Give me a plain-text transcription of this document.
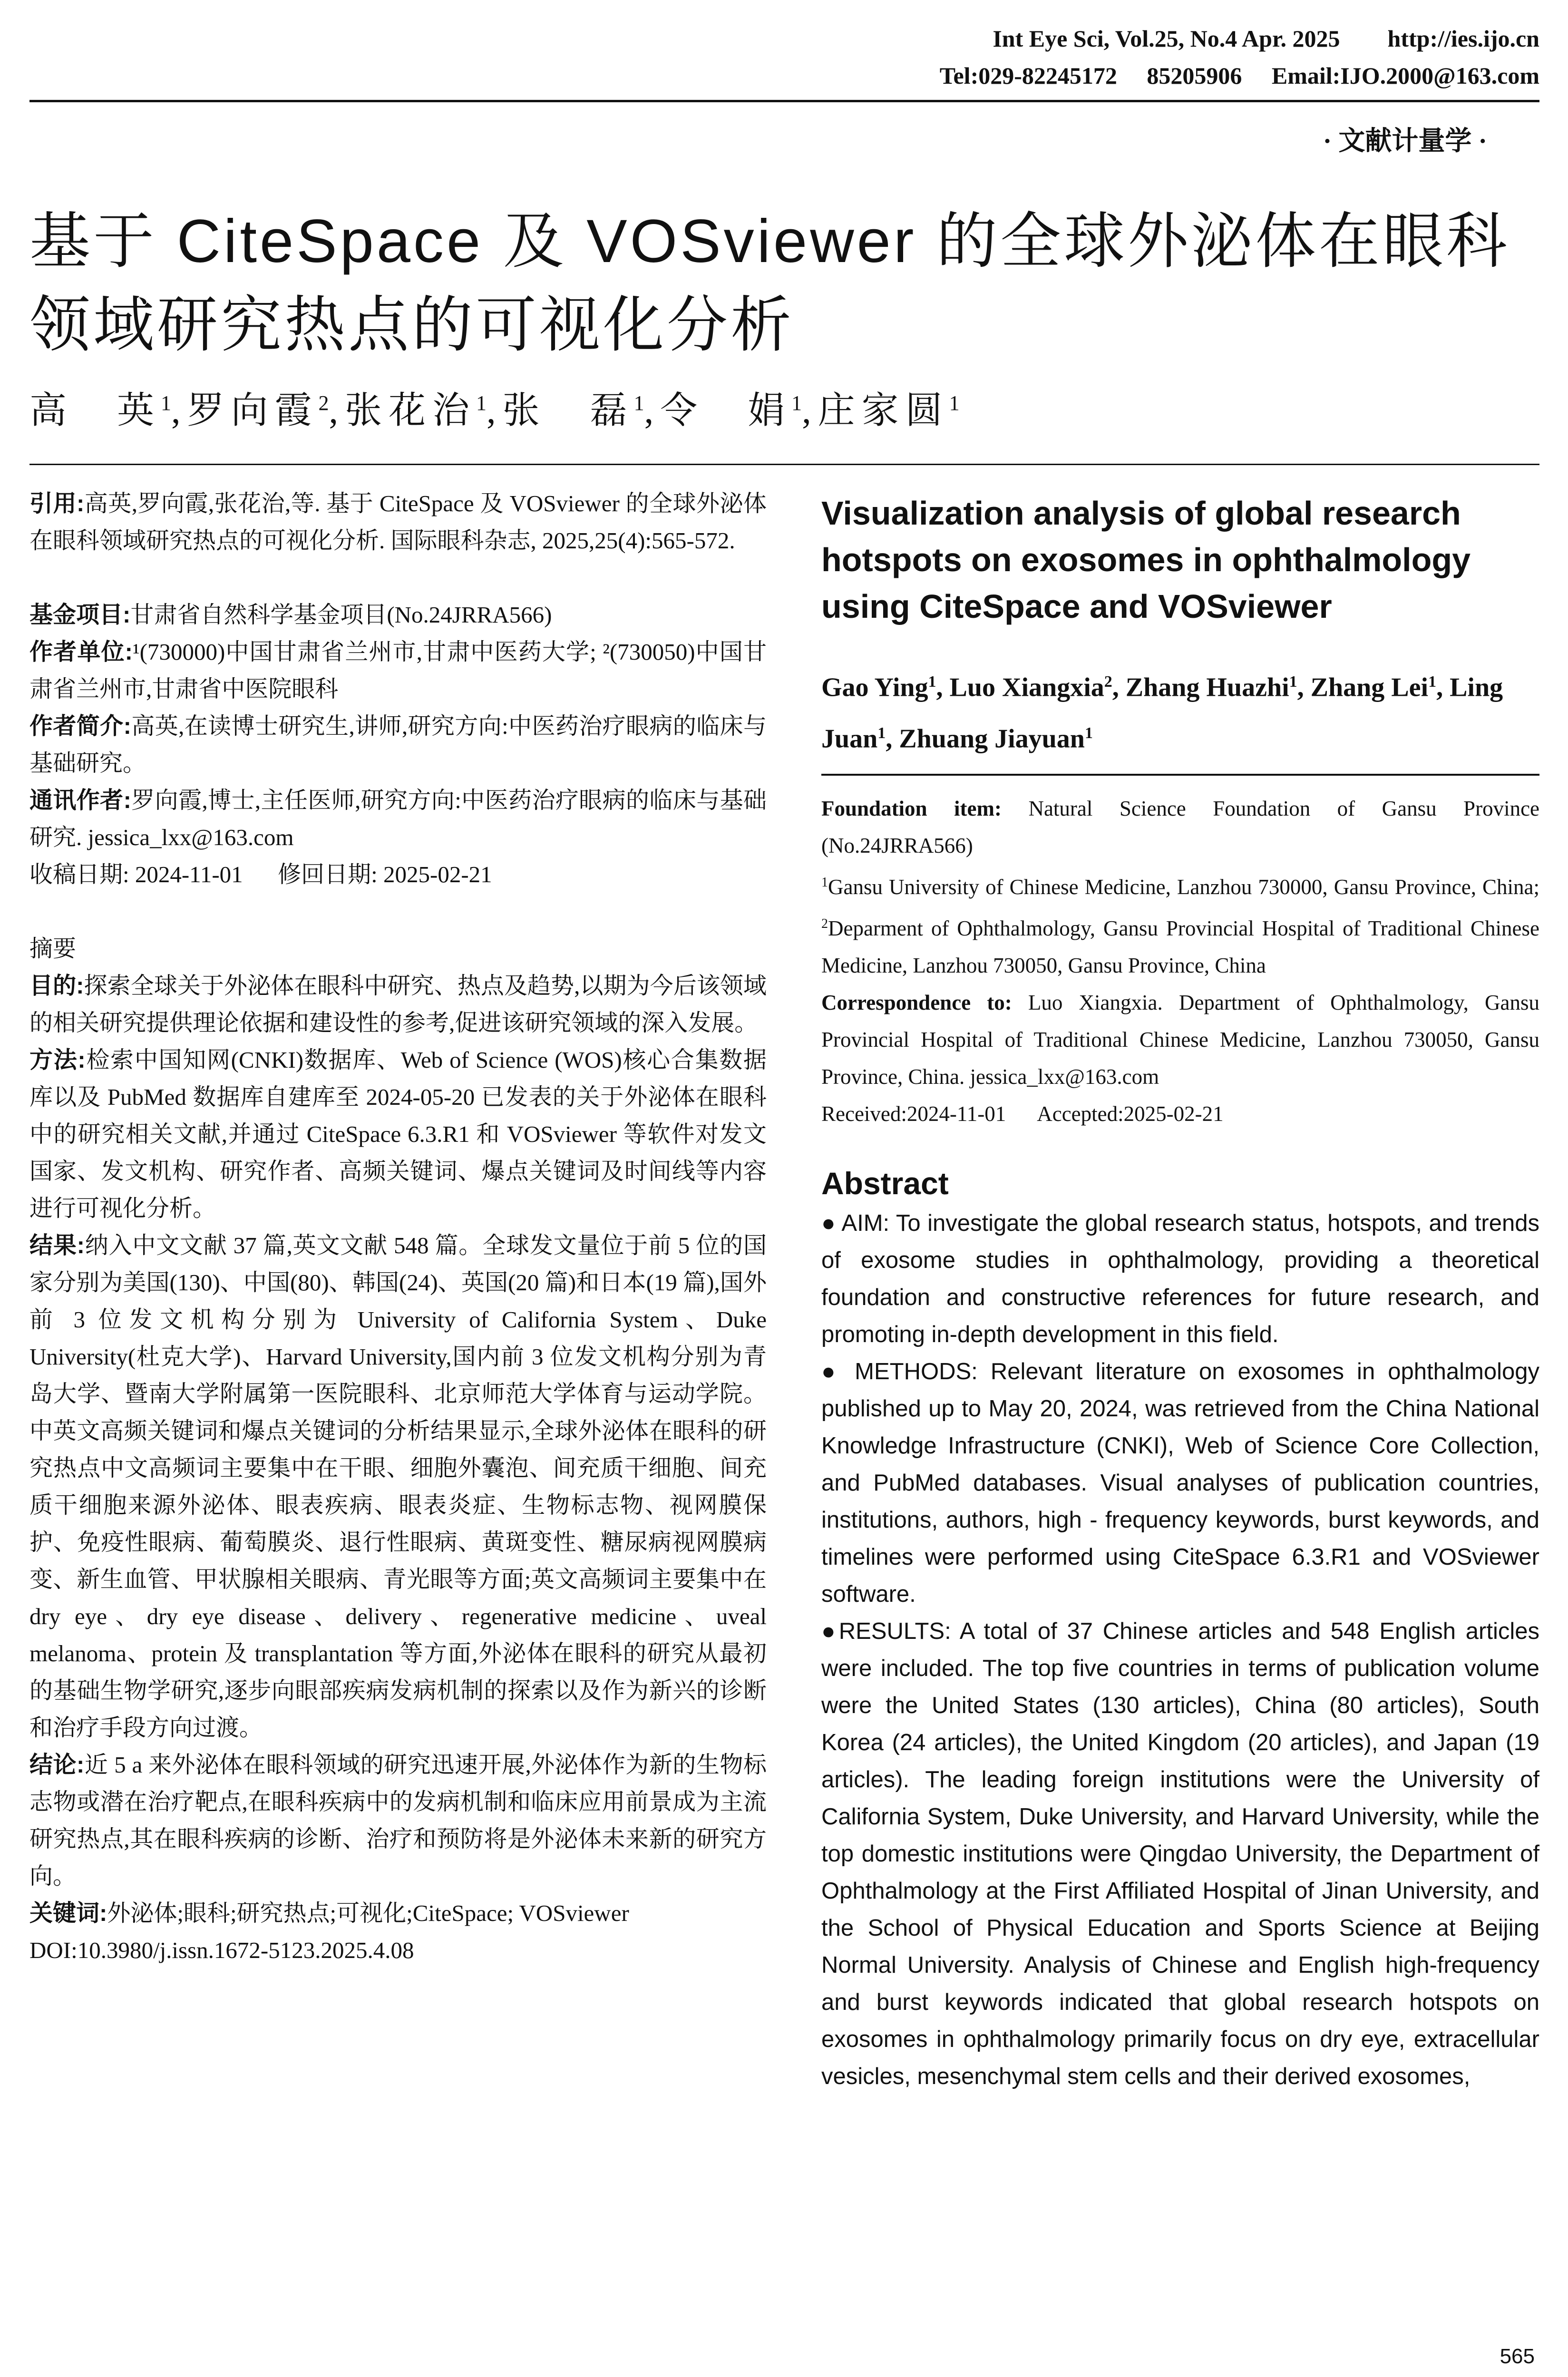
Int Eye Sci, Vol.25, No.4 Apr. 2025        http://ies.ijo.cn
Tel:029-82245172     85205906     Email:IJO.2000@163.com
· 文献计量学 ·
基于 CiteSpace 及 VOSviewer 的全球外泌体在眼科领域研究热点的可视化分析
高　英$^1$,罗向霞$^2$,张花治$^1$,张　磊$^1$,令　娟$^1$,庄家圆$^1$

引用:高英,罗向霞,张花治,等. 基于 CiteSpace 及 VOSviewer 的全球外泌体在眼科领域研究热点的可视化分析. 国际眼科杂志, 2025,25(4):565-572.

基金项目:甘肃省自然科学基金项目(No.24JRRA566)

作者单位:¹(730000)中国甘肃省兰州市,甘肃中医药大学; ²(730050)中国甘肃省兰州市,甘肃省中医院眼科

作者简介:高英,在读博士研究生,讲师,研究方向:中医药治疗眼病的临床与基础研究。

通讯作者:罗向霞,博士,主任医师,研究方向:中医药治疗眼病的临床与基础研究. jessica_lxx@163.com

收稿日期: 2024-11-01      修回日期: 2025-02-21

摘要

目的:探索全球关于外泌体在眼科中研究、热点及趋势,以期为今后该领域的相关研究提供理论依据和建设性的参考,促进该研究领域的深入发展。

方法:检索中国知网(CNKI)数据库、Web of Science (WOS)核心合集数据库以及 PubMed 数据库自建库至 2024-05-20 已发表的关于外泌体在眼科中的研究相关文献,并通过 CiteSpace 6.3.R1 和 VOSviewer 等软件对发文国家、发文机构、研究作者、高频关键词、爆点关键词及时间线等内容进行可视化分析。

结果:纳入中文文献 37 篇,英文文献 548 篇。全球发文量位于前 5 位的国家分别为美国(130)、中国(80)、韩国(24)、英国(20 篇)和日本(19 篇),国外前 3 位发文机构分别为 University of California System、Duke University(杜克大学)、Harvard University,国内前 3 位发文机构分别为青岛大学、暨南大学附属第一医院眼科、北京师范大学体育与运动学院。中英文高频关键词和爆点关键词的分析结果显示,全球外泌体在眼科的研究热点中文高频词主要集中在干眼、细胞外囊泡、间充质干细胞、间充质干细胞来源外泌体、眼表疾病、眼表炎症、生物标志物、视网膜保护、免疫性眼病、葡萄膜炎、退行性眼病、黄斑变性、糖尿病视网膜病变、新生血管、甲状腺相关眼病、青光眼等方面;英文高频词主要集中在 dry eye、dry eye disease、delivery、regenerative medicine、uveal melanoma、protein 及 transplantation 等方面,外泌体在眼科的研究从最初的基础生物学研究,逐步向眼部疾病发病机制的探索以及作为新兴的诊断和治疗手段方向过渡。

结论:近 5 a 来外泌体在眼科领域的研究迅速开展,外泌体作为新的生物标志物或潜在治疗靶点,在眼科疾病中的发病机制和临床应用前景成为主流研究热点,其在眼科疾病的诊断、治疗和预防将是外泌体未来新的研究方向。

关键词:外泌体;眼科;研究热点;可视化;CiteSpace; VOSviewer

DOI:10.3980/j.issn.1672-5123.2025.4.08

Visualization analysis of global research hotspots on exosomes in ophthalmology using CiteSpace and VOSviewer

Gao Ying$^1$, Luo Xiangxia$^2$, Zhang Huazhi$^1$, Zhang Lei$^1$, Ling Juan$^1$, Zhuang Jiayuan$^1$

Foundation item: Natural Science Foundation of Gansu Province (No.24JRRA566)

$^1$Gansu University of Chinese Medicine, Lanzhou 730000, Gansu Province, China; $^2$Deparment of Ophthalmology, Gansu Provincial Hospital of Traditional Chinese Medicine, Lanzhou 730050, Gansu Province, China

Correspondence to: Luo Xiangxia. Department of Ophthalmology, Gansu Provincial Hospital of Traditional Chinese Medicine, Lanzhou 730050, Gansu Province, China. jessica_lxx@163.com

Received:2024-11-01      Accepted:2025-02-21

Abstract

● AIM: To investigate the global research status, hotspots, and trends of exosome studies in ophthalmology, providing a theoretical foundation and constructive references for future research, and promoting in-depth development in this field.

● METHODS: Relevant literature on exosomes in ophthalmology published up to May 20, 2024, was retrieved from the China National Knowledge Infrastructure (CNKI), Web of Science Core Collection, and PubMed databases. Visual analyses of publication countries, institutions, authors, high - frequency keywords, burst keywords, and timelines were performed using CiteSpace 6.3.R1 and VOSviewer software.

●RESULTS: A total of 37 Chinese articles and 548 English articles were included. The top five countries in terms of publication volume were the United States (130 articles), China (80 articles), South Korea (24 articles), the United Kingdom (20 articles), and Japan (19 articles). The leading foreign institutions were the University of California System, Duke University, and Harvard University, while the top domestic institutions were Qingdao University, the Department of Ophthalmology at the First Affiliated Hospital of Jinan University, and the School of Physical Education and Sports Science at Beijing Normal University. Analysis of Chinese and English high-frequency and burst keywords indicated that global research hotspots on exosomes in ophthalmology primarily focus on dry eye, extracellular vesicles, mesenchymal stem cells and their derived exosomes,

565
